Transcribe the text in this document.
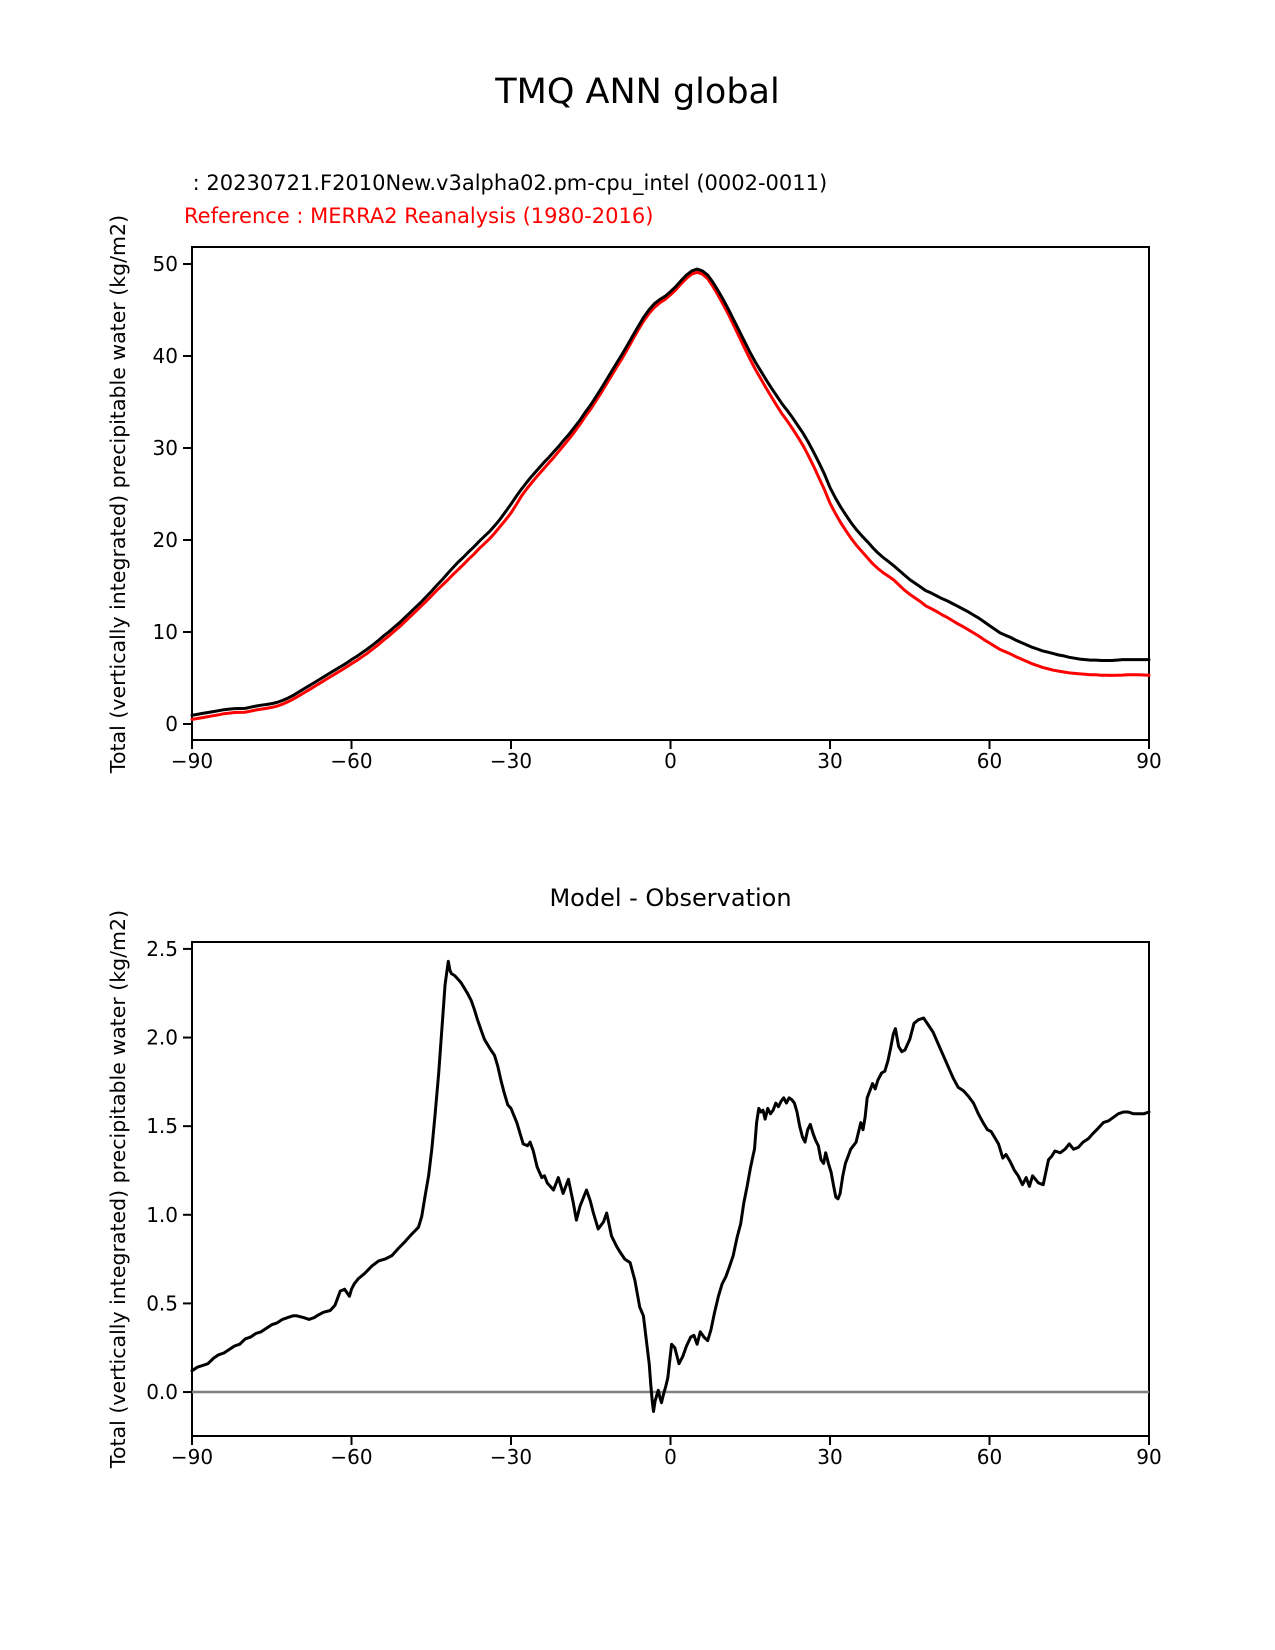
−90	−60	−30	0	30	60	90
0
10
20
30
40
50
−90	−60	−30	0	30	60	90
0.0
0.5
1.0
1.5
2.0
2.5
TMQ ANN global
: 20230721.F2010New.v3alpha02.pm-cpu_intel (0002-0011)
Reference : MERRA2 Reanalysis (1980-2016)
Total (vertically integrated) precipitable water (kg/m2)
Total (vertically integrated) precipitable water (kg/m2)
Model - Observation
